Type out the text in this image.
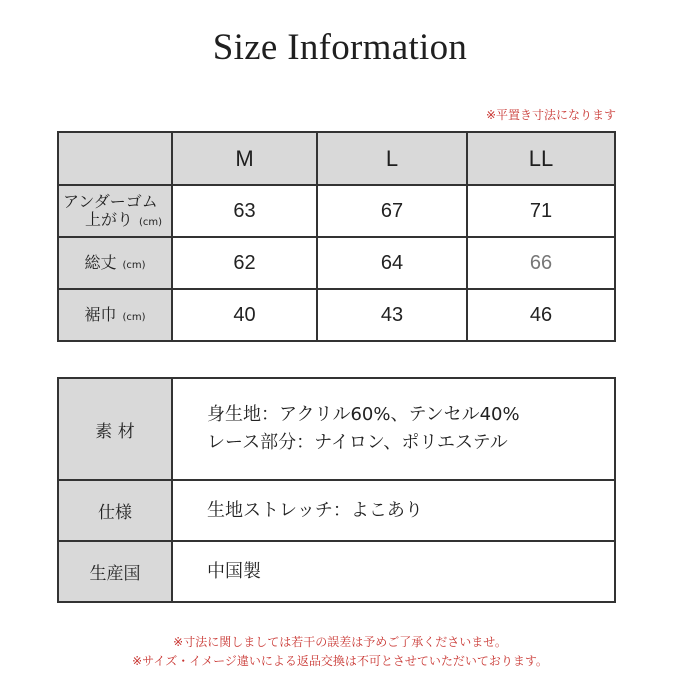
Size Information
※平置き寸法になります
	M	L	LL

アンダーゴム
上がり (cm)	63	67	71
総丈 (cm)	62	64	66
裾巾 (cm)	40	43	46
素 材	身生地：アクリル60%、テンセル40%
レース部分：ナイロン、ポリエステル

仕様	生地ストレッチ：よこあり
生産国	中国製
※寸法に関しましては若干の誤差は予めご了承くださいませ。
※サイズ・イメージ違いによる返品交換は不可とさせていただいております。
